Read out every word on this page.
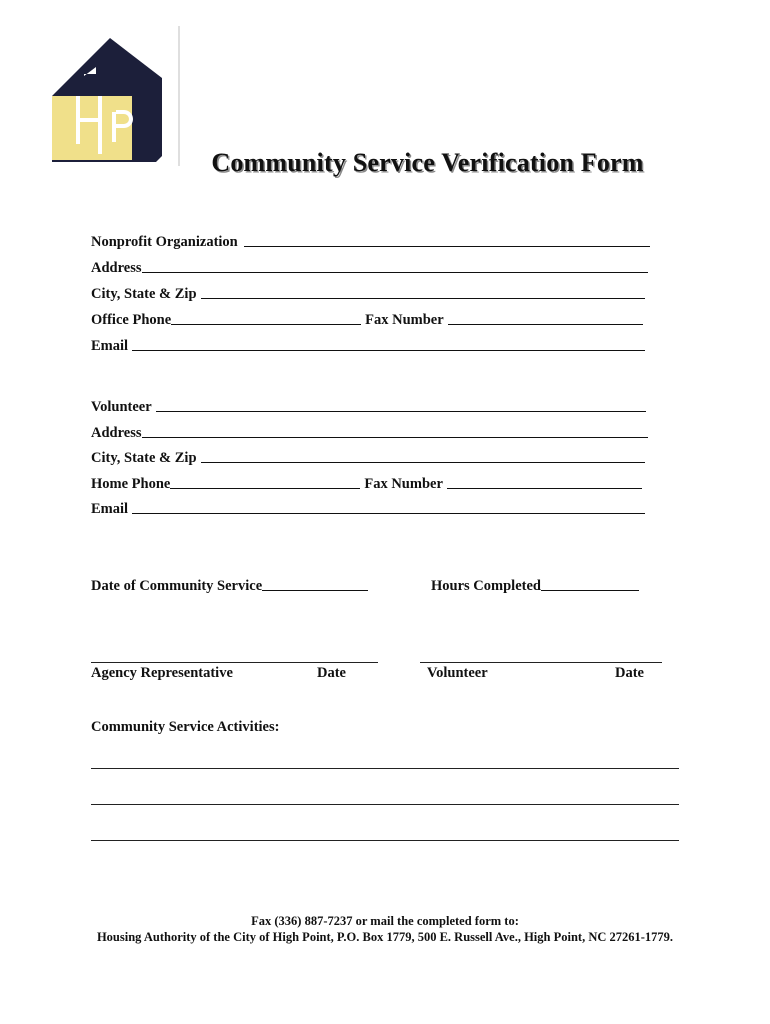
Community Service Verification Form
Nonprofit Organization
Address
City, State & Zip
Office Phone	Fax Number
Email
Volunteer
Address
City, State & Zip
Home Phone	Fax Number
Email
Date of Community Service	Hours Completed
Agency Representative	Date	Volunteer	Date
Community Service Activities:
Fax (336) 887-7237 or mail the completed form to:
Housing Authority of the City of High Point, P.O. Box 1779, 500 E. Russell Ave., High Point, NC 27261-1779.
